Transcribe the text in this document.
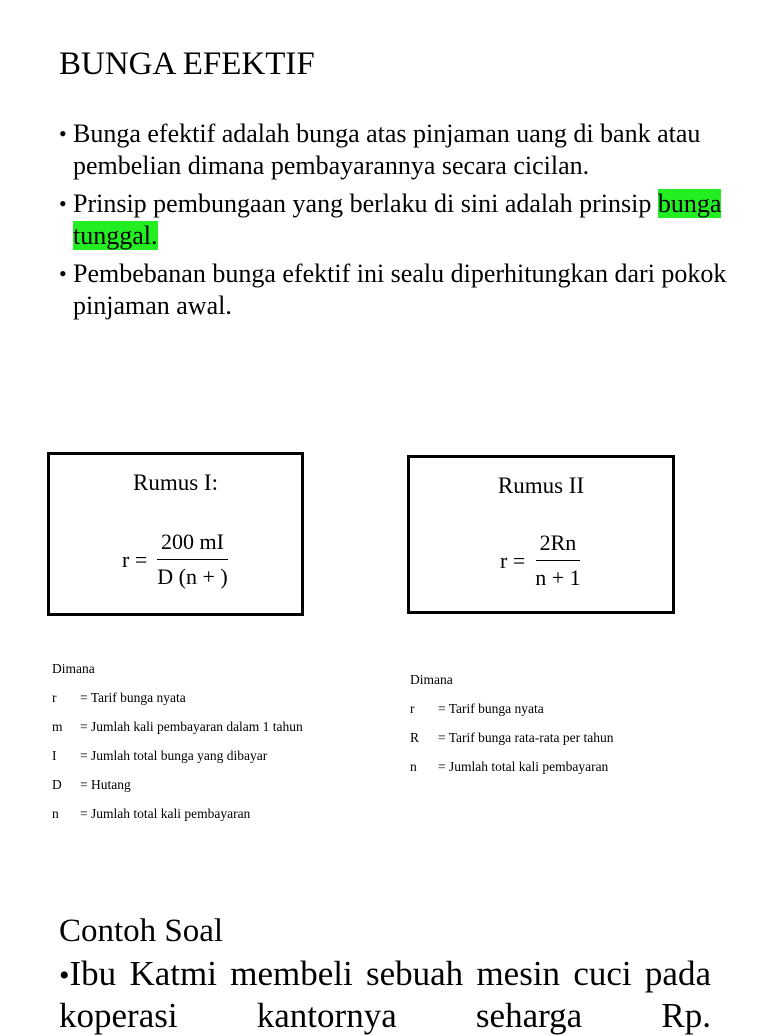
BUNGA EFEKTIF
• Bunga efektif adalah bunga atas pinjaman uang di bank atau pembelian dimana pembayarannya secara cicilan.
• Prinsip pembungaan yang berlaku di sini adalah prinsip bunga tunggal.
• Pembebanan bunga efektif ini sealu diperhitungkan dari pokok pinjaman awal.
Rumus I:
$r = \frac{200 mI}{D (n + )}$
Rumus II
$r = \frac{2Rn}{n + 1}$
Dimana
r	= Tarif bunga nyata
m	= Jumlah kali pembayaran dalam 1 tahun
I	= Jumlah total bunga yang dibayar
D	= Hutang
n	= Jumlah total kali pembayaran
Dimana
r	= Tarif bunga nyata
R	= Tarif bunga rata-rata per tahun
n	= Jumlah total kali pembayaran
Contoh Soal
•Ibu Katmi membeli sebuah mesin cuci pada koperasi kantornya seharga Rp.
